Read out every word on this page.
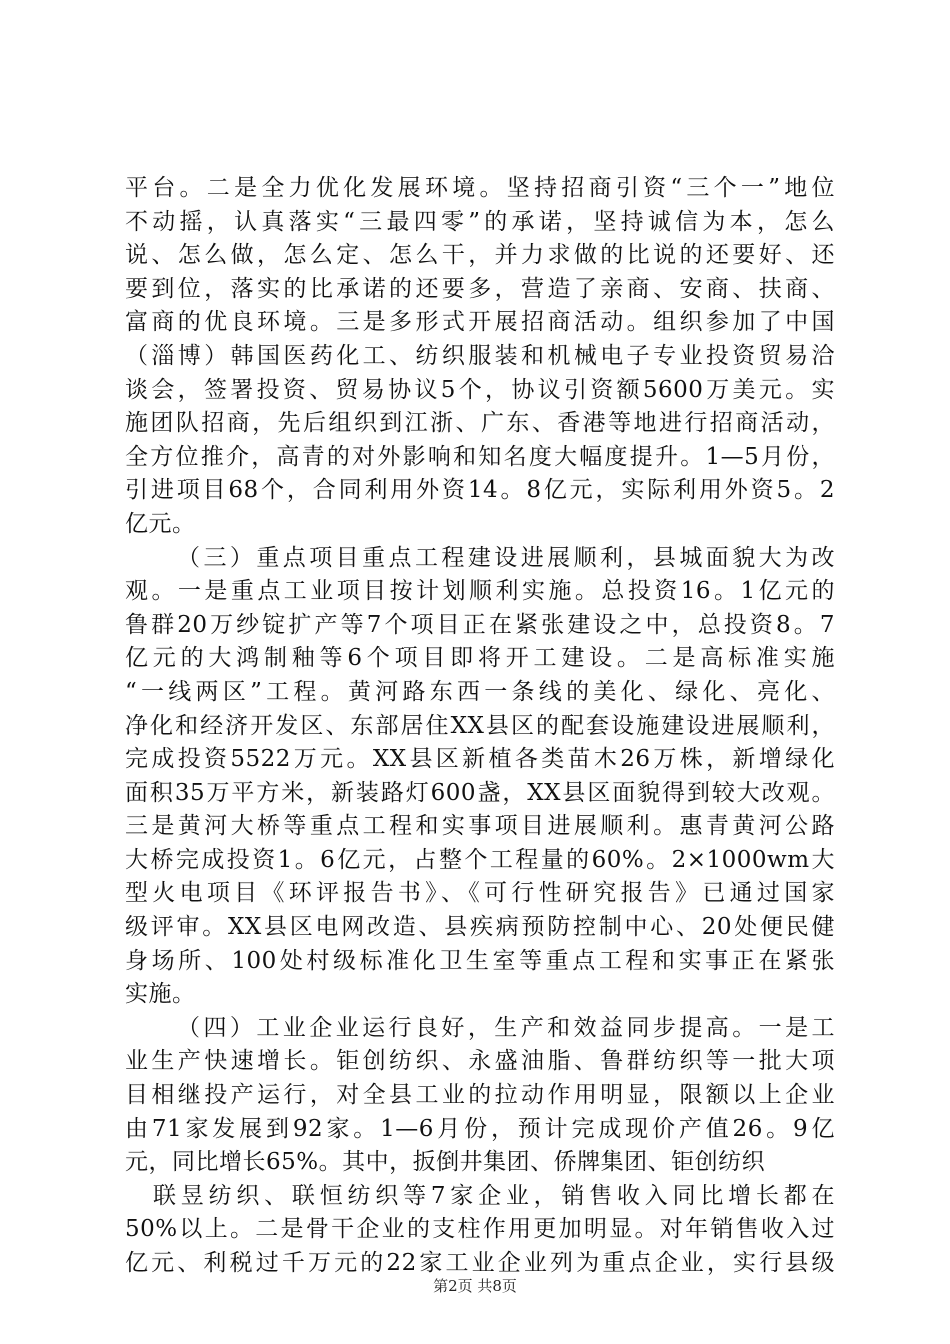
平台。二是全力优化发展环境。坚持招商引资“三个一”地位
不动摇，认真落实“三最四零”的承诺，坚持诚信为本，怎么
说、怎么做，怎么定、怎么干，并力求做的比说的还要好、还
要到位，落实的比承诺的还要多，营造了亲商、安商、扶商、
富商的优良环境。三是多形式开展招商活动。组织参加了中国
（淄博）韩国医药化工、纺织服装和机械电子专业投资贸易洽
谈会，签署投资、贸易协议5个，协议引资额5600万美元。实
施团队招商，先后组织到江浙、广东、香港等地进行招商活动，
全方位推介，高青的对外影响和知名度大幅度提升。1—5月份，
引进项目68个，合同利用外资14。8亿元，实际利用外资5。2
亿元。
（三）重点项目重点工程建设进展顺利，县城面貌大为改
观。一是重点工业项目按计划顺利实施。总投资16。1亿元的
鲁群20万纱锭扩产等7个项目正在紧张建设之中，总投资8。7
亿元的大鸿制釉等6个项目即将开工建设。二是高标准实施
“一线两区”工程。黄河路东西一条线的美化、绿化、亮化、
净化和经济开发区、东部居住XX县区的配套设施建设进展顺利，
完成投资5522万元。XX县区新植各类苗木26万株，新增绿化
面积35万平方米，新装路灯600盏，XX县区面貌得到较大改观。
三是黄河大桥等重点工程和实事项目进展顺利。惠青黄河公路
大桥完成投资1。6亿元，占整个工程量的60%。2×1000wm大
型火电项目《环评报告书》、《可行性研究报告》已通过国家
级评审。XX县区电网改造、县疾病预防控制中心、20处便民健
身场所、100处村级标准化卫生室等重点工程和实事正在紧张
实施。
（四）工业企业运行良好，生产和效益同步提高。一是工
业生产快速增长。钜创纺织、永盛油脂、鲁群纺织等一批大项
目相继投产运行，对全县工业的拉动作用明显，限额以上企业
由71家发展到92家。1—6月份，预计完成现价产值26。9亿
元，同比增长65%。其中，扳倒井集团、侨牌集团、钜创纺织
联昱纺织、联恒纺织等7家企业，销售收入同比增长都在
50%以上。二是骨干企业的支柱作用更加明显。对年销售收入过
亿元、利税过千万元的22家工业企业列为重点企业，实行县级
第2页 共8页
